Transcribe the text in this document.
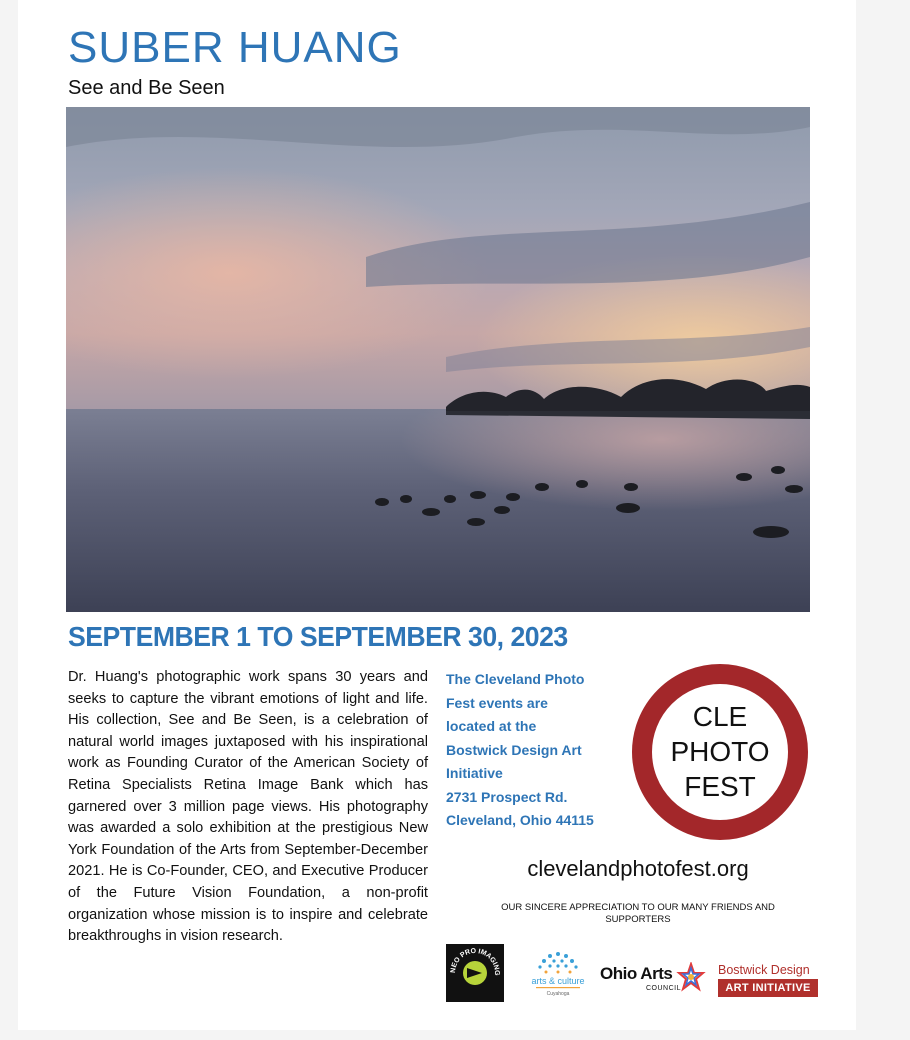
SUBER HUANG
See and Be Seen
SEPTEMBER 1 TO SEPTEMBER 30, 2023

Dr. Huang's photographic work spans 30 years and seeks to capture the vibrant emotions of light and life. His collection, See and Be Seen, is a celebration of natural world images juxtaposed with his inspirational work as Founding Curator of the American Society of Retina Specialists Retina Image Bank which has garnered over 3 million page views. His photography was awarded a solo exhibition at the prestigious New York Foundation of the Arts from September-December 2021. He is Co-Founder, CEO, and Executive Producer of the Future Vision Foundation, a non-profit organization whose mission is to inspire and celebrate breakthroughs in vision research.

The Cleveland Photo
Fest events are
located at the
Bostwick Design Art
Initiative
2731 Prospect Rd.
Cleveland, Ohio 44115
CLE
PHOTO
FEST
clevelandphotofest.org
OUR SINCERE APPRECIATION TO OUR MANY FRIENDS AND SUPPORTERS
NEO PRO IMAGING
arts & culture
Cuyahoga
Ohio Arts
COUNCIL
Bostwick Design
ART INITIATIVE
